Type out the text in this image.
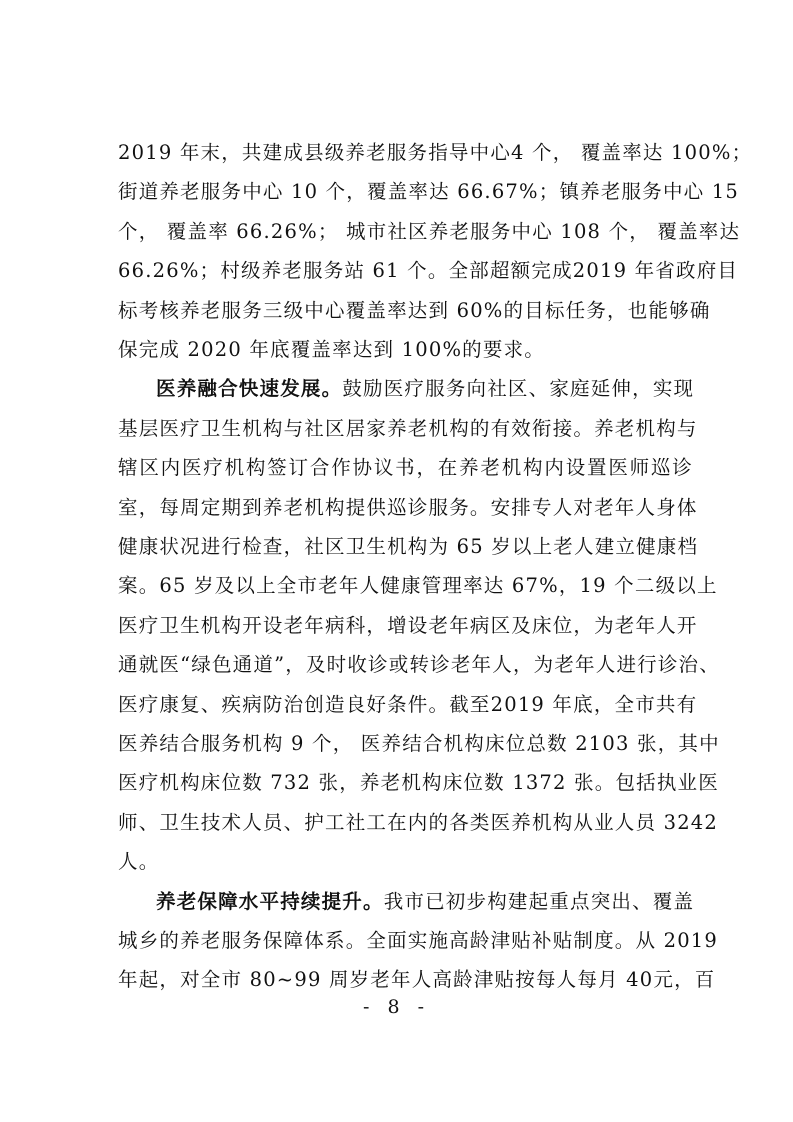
2019 年末，共建成县级养老服务指导中心4 个， 覆盖率达 100%；
街道养老服务中心 10 个，覆盖率达 66.67%；镇养老服务中心 15
个， 覆盖率 66.26%； 城市社区养老服务中心 108 个， 覆盖率达
66.26%；村级养老服务站 61 个。全部超额完成2019 年省政府目
标考核养老服务三级中心覆盖率达到 60%的目标任务，也能够确
保完成 2020 年底覆盖率达到 100%的要求。
医养融合快速发展。鼓励医疗服务向社区、家庭延伸，实现
基层医疗卫生机构与社区居家养老机构的有效衔接。养老机构与
辖区内医疗机构签订合作协议书，在养老机构内设置医师巡诊
室，每周定期到养老机构提供巡诊服务。安排专人对老年人身体
健康状况进行检查，社区卫生机构为 65 岁以上老人建立健康档
案。65 岁及以上全市老年人健康管理率达 67%，19 个二级以上
医疗卫生机构开设老年病科，增设老年病区及床位，为老年人开
通就医“绿色通道”，及时收诊或转诊老年人，为老年人进行诊治、
医疗康复、疾病防治创造良好条件。截至2019 年底，全市共有
医养结合服务机构 9 个， 医养结合机构床位总数 2103 张，其中
医疗机构床位数 732 张，养老机构床位数 1372 张。包括执业医
师、卫生技术人员、护工社工在内的各类医养机构从业人员 3242
人。
养老保障水平持续提升。我市已初步构建起重点突出、覆盖
城乡的养老服务保障体系。全面实施高龄津贴补贴制度。从 2019
年起，对全市 80~99 周岁老年人高龄津贴按每人每月 40元，百
- 8 -
